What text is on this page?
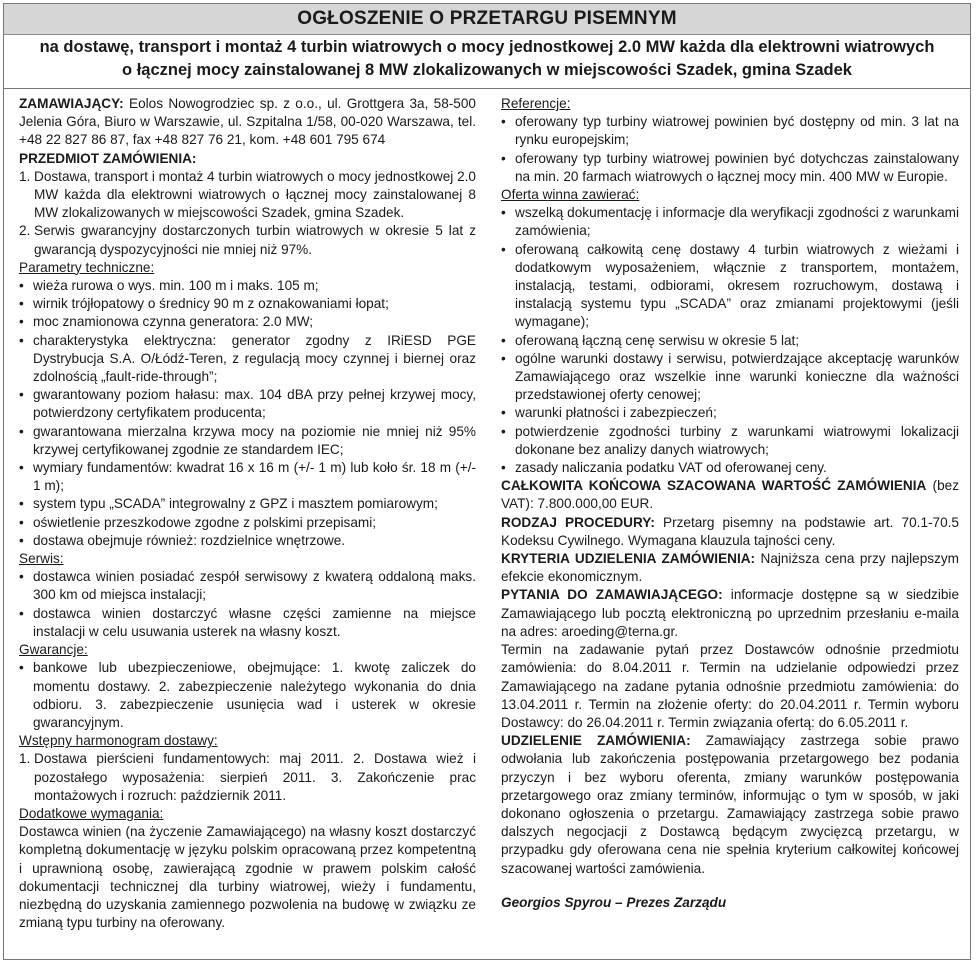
OGŁOSZENIE O PRZETARGU PISEMNYM
na dostawę, transport i montaż 4 turbin wiatrowych o mocy jednostkowej 2.0 MW każda dla elektrowni wiatrowych
o łącznej mocy zainstalowanej 8 MW zlokalizowanych w miejscowości Szadek, gmina Szadek

ZAMAWIAJĄCY: Eolos Nowogrodziec sp. z o.o., ul. Grottgera 3a, 58-500 Jelenia Góra, Biuro w Warszawie, ul. Szpitalna 1/58, 00-020 Warszawa, tel. +48 22 827 86 87, fax +48 827 76 21, kom. +48 601 795 674

PRZEDMIOT ZAMÓWIENIA:

1. Dostawa, transport i montaż 4 turbin wiatrowych o mocy jednostkowej 2.0 MW każda dla elektrowni wiatrowych o łącznej mocy zainstalowanej 8 MW zlokalizowanych w miejscowości Szadek, gmina Szadek.
2. Serwis gwarancyjny dostarczonych turbin wiatrowych w okresie 5 lat z gwarancją dyspozycyjności nie mniej niż 97%.

Parametry techniczne:

• wieża rurowa o wys. min. 100 m i maks. 105 m;
• wirnik trójłopatowy o średnicy 90 m z oznakowaniami łopat;
• moc znamionowa czynna generatora: 2.0 MW;
• charakterystyka elektryczna: generator zgodny z IRiESD PGE Dystrybucja S.A. O/Łódź-Teren, z regulacją mocy czynnej i biernej oraz zdolnością „fault-ride-through”;
• gwarantowany poziom hałasu: max. 104 dBA przy pełnej krzywej mocy, potwierdzony certyfikatem producenta;
• gwarantowana mierzalna krzywa mocy na poziomie nie mniej niż 95% krzywej certyfikowanej zgodnie ze standardem IEC;
• wymiary fundamentów: kwadrat 16 x 16 m (+/- 1 m) lub koło śr. 18 m (+/- 1 m);
• system typu „SCADA” integrowalny z GPZ i masztem pomiarowym;
• oświetlenie przeszkodowe zgodne z polskimi przepisami;
• dostawa obejmuje również: rozdzielnice wnętrzowe.

Serwis:

• dostawca winien posiadać zespół serwisowy z kwaterą oddaloną maks. 300 km od miejsca instalacji;
• dostawca winien dostarczyć własne części zamienne na miejsce instalacji w celu usuwania usterek na własny koszt.

Gwarancje:

• bankowe lub ubezpieczeniowe, obejmujące: 1. kwotę zaliczek do momentu dostawy. 2. zabezpieczenie należytego wykonania do dnia odbioru. 3. zabezpieczenie usunięcia wad i usterek w okresie gwarancyjnym.

Wstępny harmonogram dostawy:

1. Dostawa pierścieni fundamentowych: maj 2011. 2. Dostawa wież i pozostałego wyposażenia: sierpień 2011. 3. Zakończenie prac montażowych i rozruch: październik 2011.

Dodatkowe wymagania:

Dostawca winien (na życzenie Zamawiającego) na własny koszt dostarczyć kompletną dokumentację w języku polskim opracowaną przez kompetentną i uprawnioną osobę, zawierającą zgodnie w prawem polskim całość dokumentacji technicznej dla turbiny wiatrowej, wieży i fundamentu, niezbędną do uzyskania zamiennego pozwolenia na budowę w związku ze zmianą typu turbiny na oferowany.

Referencje:

• oferowany typ turbiny wiatrowej powinien być dostępny od min. 3 lat na rynku europejskim;
• oferowany typ turbiny wiatrowej powinien być dotychczas zainstalowany na min. 20 farmach wiatrowych o łącznej mocy min. 400 MW w Europie.

Oferta winna zawierać:

• wszelką dokumentację i informacje dla weryfikacji zgodności z warunkami zamówienia;
• oferowaną całkowitą cenę dostawy 4 turbin wiatrowych z wieżami i dodatkowym wyposażeniem, włącznie z transportem, montażem, instalacją, testami, odbiorami, okresem rozruchowym, dostawą i instalacją systemu typu „SCADA” oraz zmianami projektowymi (jeśli wymagane);
• oferowaną łączną cenę serwisu w okresie 5 lat;
• ogólne warunki dostawy i serwisu, potwierdzające akceptację warunków Zamawiającego oraz wszelkie inne warunki konieczne dla ważności przedstawionej oferty cenowej;
• warunki płatności i zabezpieczeń;
• potwierdzenie zgodności turbiny z warunkami wiatrowymi lokalizacji dokonane bez analizy danych wiatrowych;
• zasady naliczania podatku VAT od oferowanej ceny.

CAŁKOWITA KOŃCOWA SZACOWANA WARTOŚĆ ZAMÓWIENIA (bez VAT): 7.800.000,00 EUR.

RODZAJ PROCEDURY: Przetarg pisemny na podstawie art. 70.1-70.5 Kodeksu Cywilnego. Wymagana klauzula tajności ceny.

KRYTERIA UDZIELENIA ZAMÓWIENIA: Najniższa cena przy najlepszym efekcie ekonomicznym.

PYTANIA DO ZAMAWIAJĄCEGO: informacje dostępne są w siedzibie Zamawiającego lub pocztą elektroniczną po uprzednim przesłaniu e-maila na adres: aroeding@terna.gr.

Termin na zadawanie pytań przez Dostawców odnośnie przedmiotu zamówienia: do 8.04.2011 r. Termin na udzielanie odpowiedzi przez Zamawiającego na zadane pytania odnośnie przedmiotu zamówienia: do 13.04.2011 r. Termin na złożenie oferty: do 20.04.2011 r. Termin wyboru Dostawcy: do 26.04.2011 r. Termin związania ofertą: do 6.05.2011 r.

UDZIELENIE ZAMÓWIENIA: Zamawiający zastrzega sobie prawo odwołania lub zakończenia postępowania przetargowego bez podania przyczyn i bez wyboru oferenta, zmiany warunków postępowania przetargowego oraz zmiany terminów, informując o tym w sposób, w jaki dokonano ogłoszenia o przetargu. Zamawiający zastrzega sobie prawo dalszych negocjacji z Dostawcą będącym zwycięzcą przetargu, w przypadku gdy oferowana cena nie spełnia kryterium całkowitej końcowej szacowanej wartości zamówienia.

Georgios Spyrou – Prezes Zarządu
